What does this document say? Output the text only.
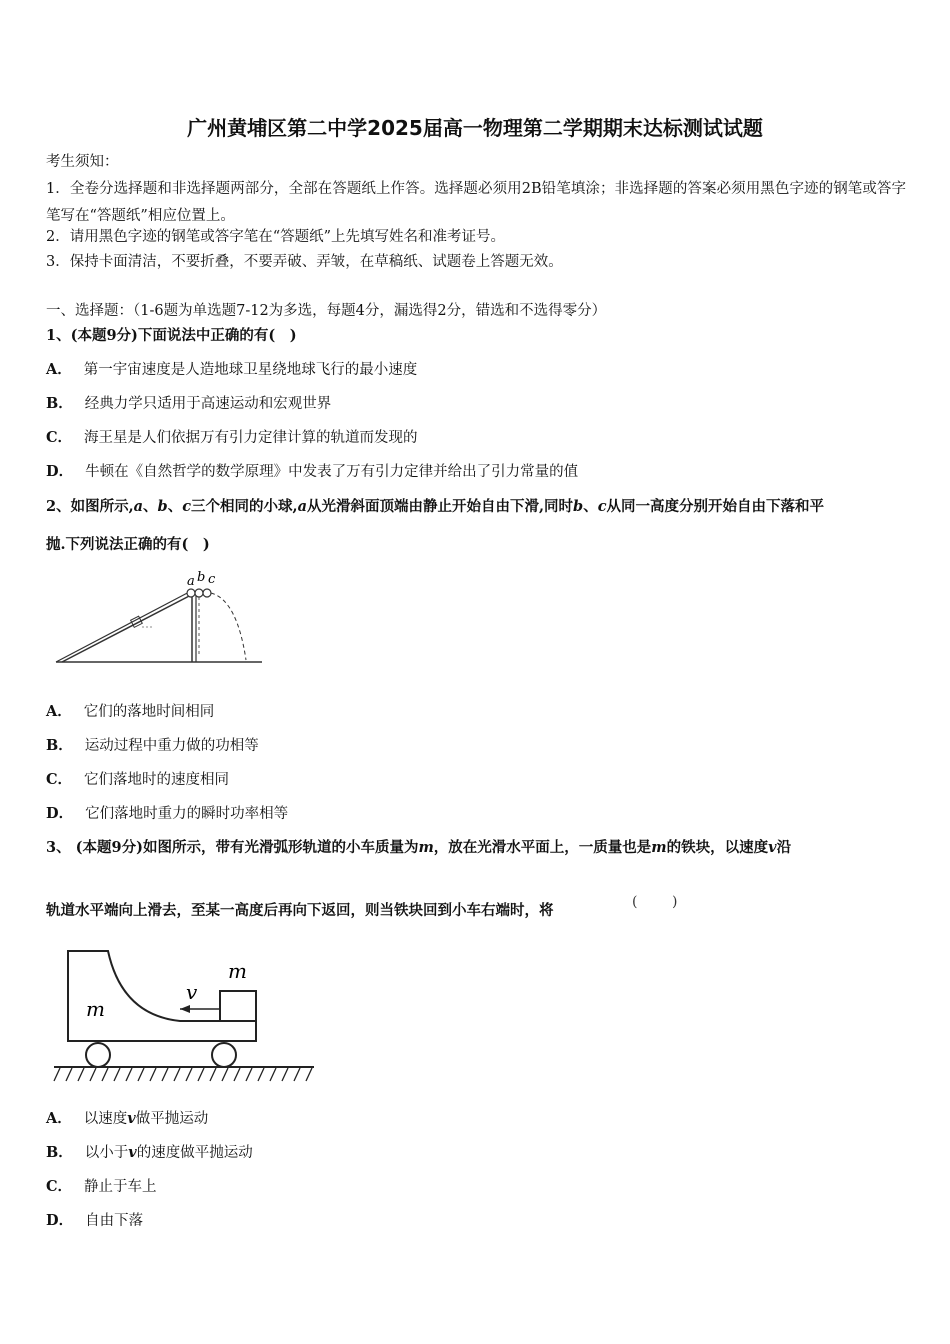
广州黄埔区第二中学2025届高一物理第二学期期末达标测试试题
考生须知：
1．全卷分选择题和非选择题两部分，全部在答题纸上作答。选择题必须用2B铅笔填涂；非选择题的答案必须用黑色字迹的钢笔或答字笔写在“答题纸”相应位置上。
2．请用黑色字迹的钢笔或答字笔在“答题纸”上先填写姓名和准考证号。
3．保持卡面清洁，不要折叠，不要弄破、弄皱，在草稿纸、试题卷上答题无效。
一、选择题：（1-6题为单选题7-12为多选，每题4分，漏选得2分，错选和不选得零分）
1、(本题9分)下面说法中正确的有(　)
A． 第一宇宙速度是人造地球卫星绕地球飞行的最小速度
B． 经典力学只适用于高速运动和宏观世界
C． 海王星是人们依据万有引力定律计算的轨道而发现的
D． 牛顿在《自然哲学的数学原理》中发表了万有引力定律并给出了引力常量的值
2、如图所示,a、b、c三个相同的小球,a从光滑斜面顶端由静止开始自由下滑,同时b、c从同一高度分别开始自由下落和平
抛.下列说法正确的有(　)
a b c
A． 它们的落地时间相同
B． 运动过程中重力做的功相等
C． 它们落地时的速度相同
D． 它们落地时重力的瞬时功率相等
3、 (本题9分)如图所示，带有光滑弧形轨道的小车质量为m，放在光滑水平面上，一质量也是m的铁块，以速度v沿
轨道水平端向上滑去，至某一高度后再向下返回，则当铁块回到小车右端时，将	( )
m
m
v
A． 以速度v做平抛运动
B． 以小于v的速度做平抛运动
C． 静止于车上
D． 自由下落
